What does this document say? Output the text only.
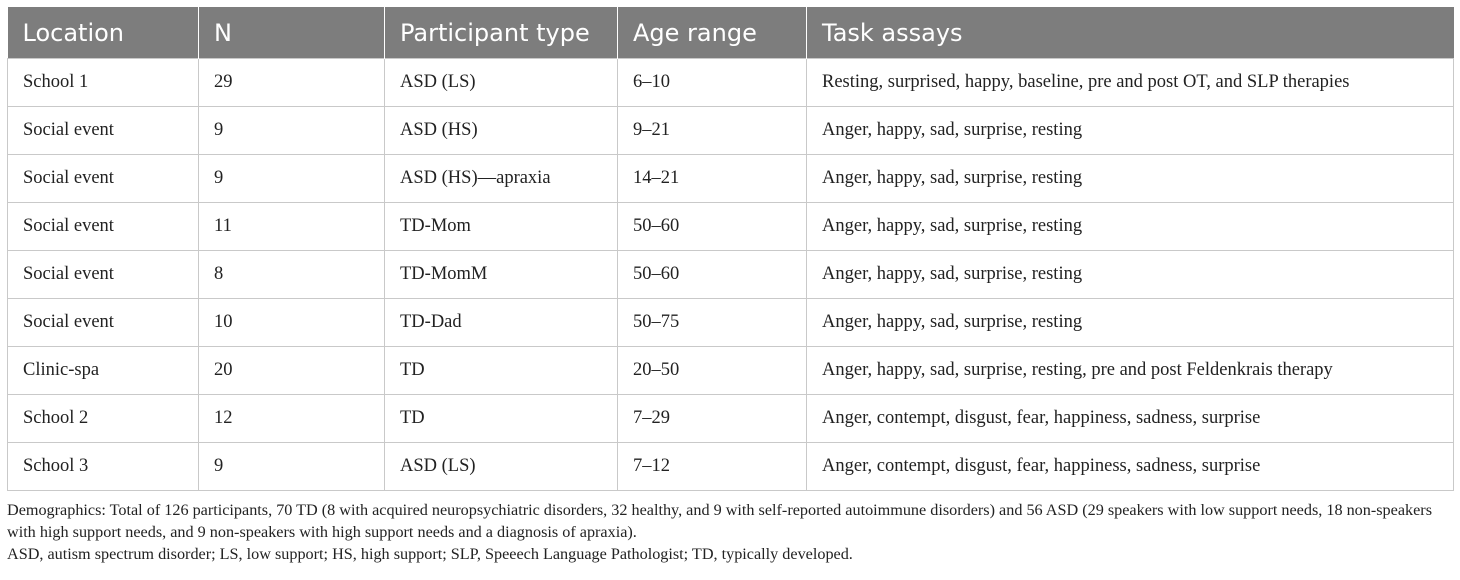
Location	N	Participant type	Age range	Task assays
School 1	29	ASD (LS)	6–10	Resting, surprised, happy, baseline, pre and post OT, and SLP therapies
Social event	9	ASD (HS)	9–21	Anger, happy, sad, surprise, resting
Social event	9	ASD (HS)—apraxia	14–21	Anger, happy, sad, surprise, resting
Social event	11	TD-Mom	50–60	Anger, happy, sad, surprise, resting
Social event	8	TD-MomM	50–60	Anger, happy, sad, surprise, resting
Social event	10	TD-Dad	50–75	Anger, happy, sad, surprise, resting
Clinic-spa	20	TD	20–50	Anger, happy, sad, surprise, resting, pre and post Feldenkrais therapy
School 2	12	TD	7–29	Anger, contempt, disgust, fear, happiness, sadness, surprise
School 3	9	ASD (LS)	7–12	Anger, contempt, disgust, fear, happiness, sadness, surprise

Demographics: Total of 126 participants, 70 TD (8 with acquired neuropsychiatric disorders, 32 healthy, and 9 with self-reported autoimmune disorders) and 56 ASD (29 speakers with low support needs, 18 non-speakers with high support needs, and 9 non-speakers with high support needs and a diagnosis of apraxia).

ASD, autism spectrum disorder; LS, low support; HS, high support; SLP, Speeech Language Pathologist; TD, typically developed.
